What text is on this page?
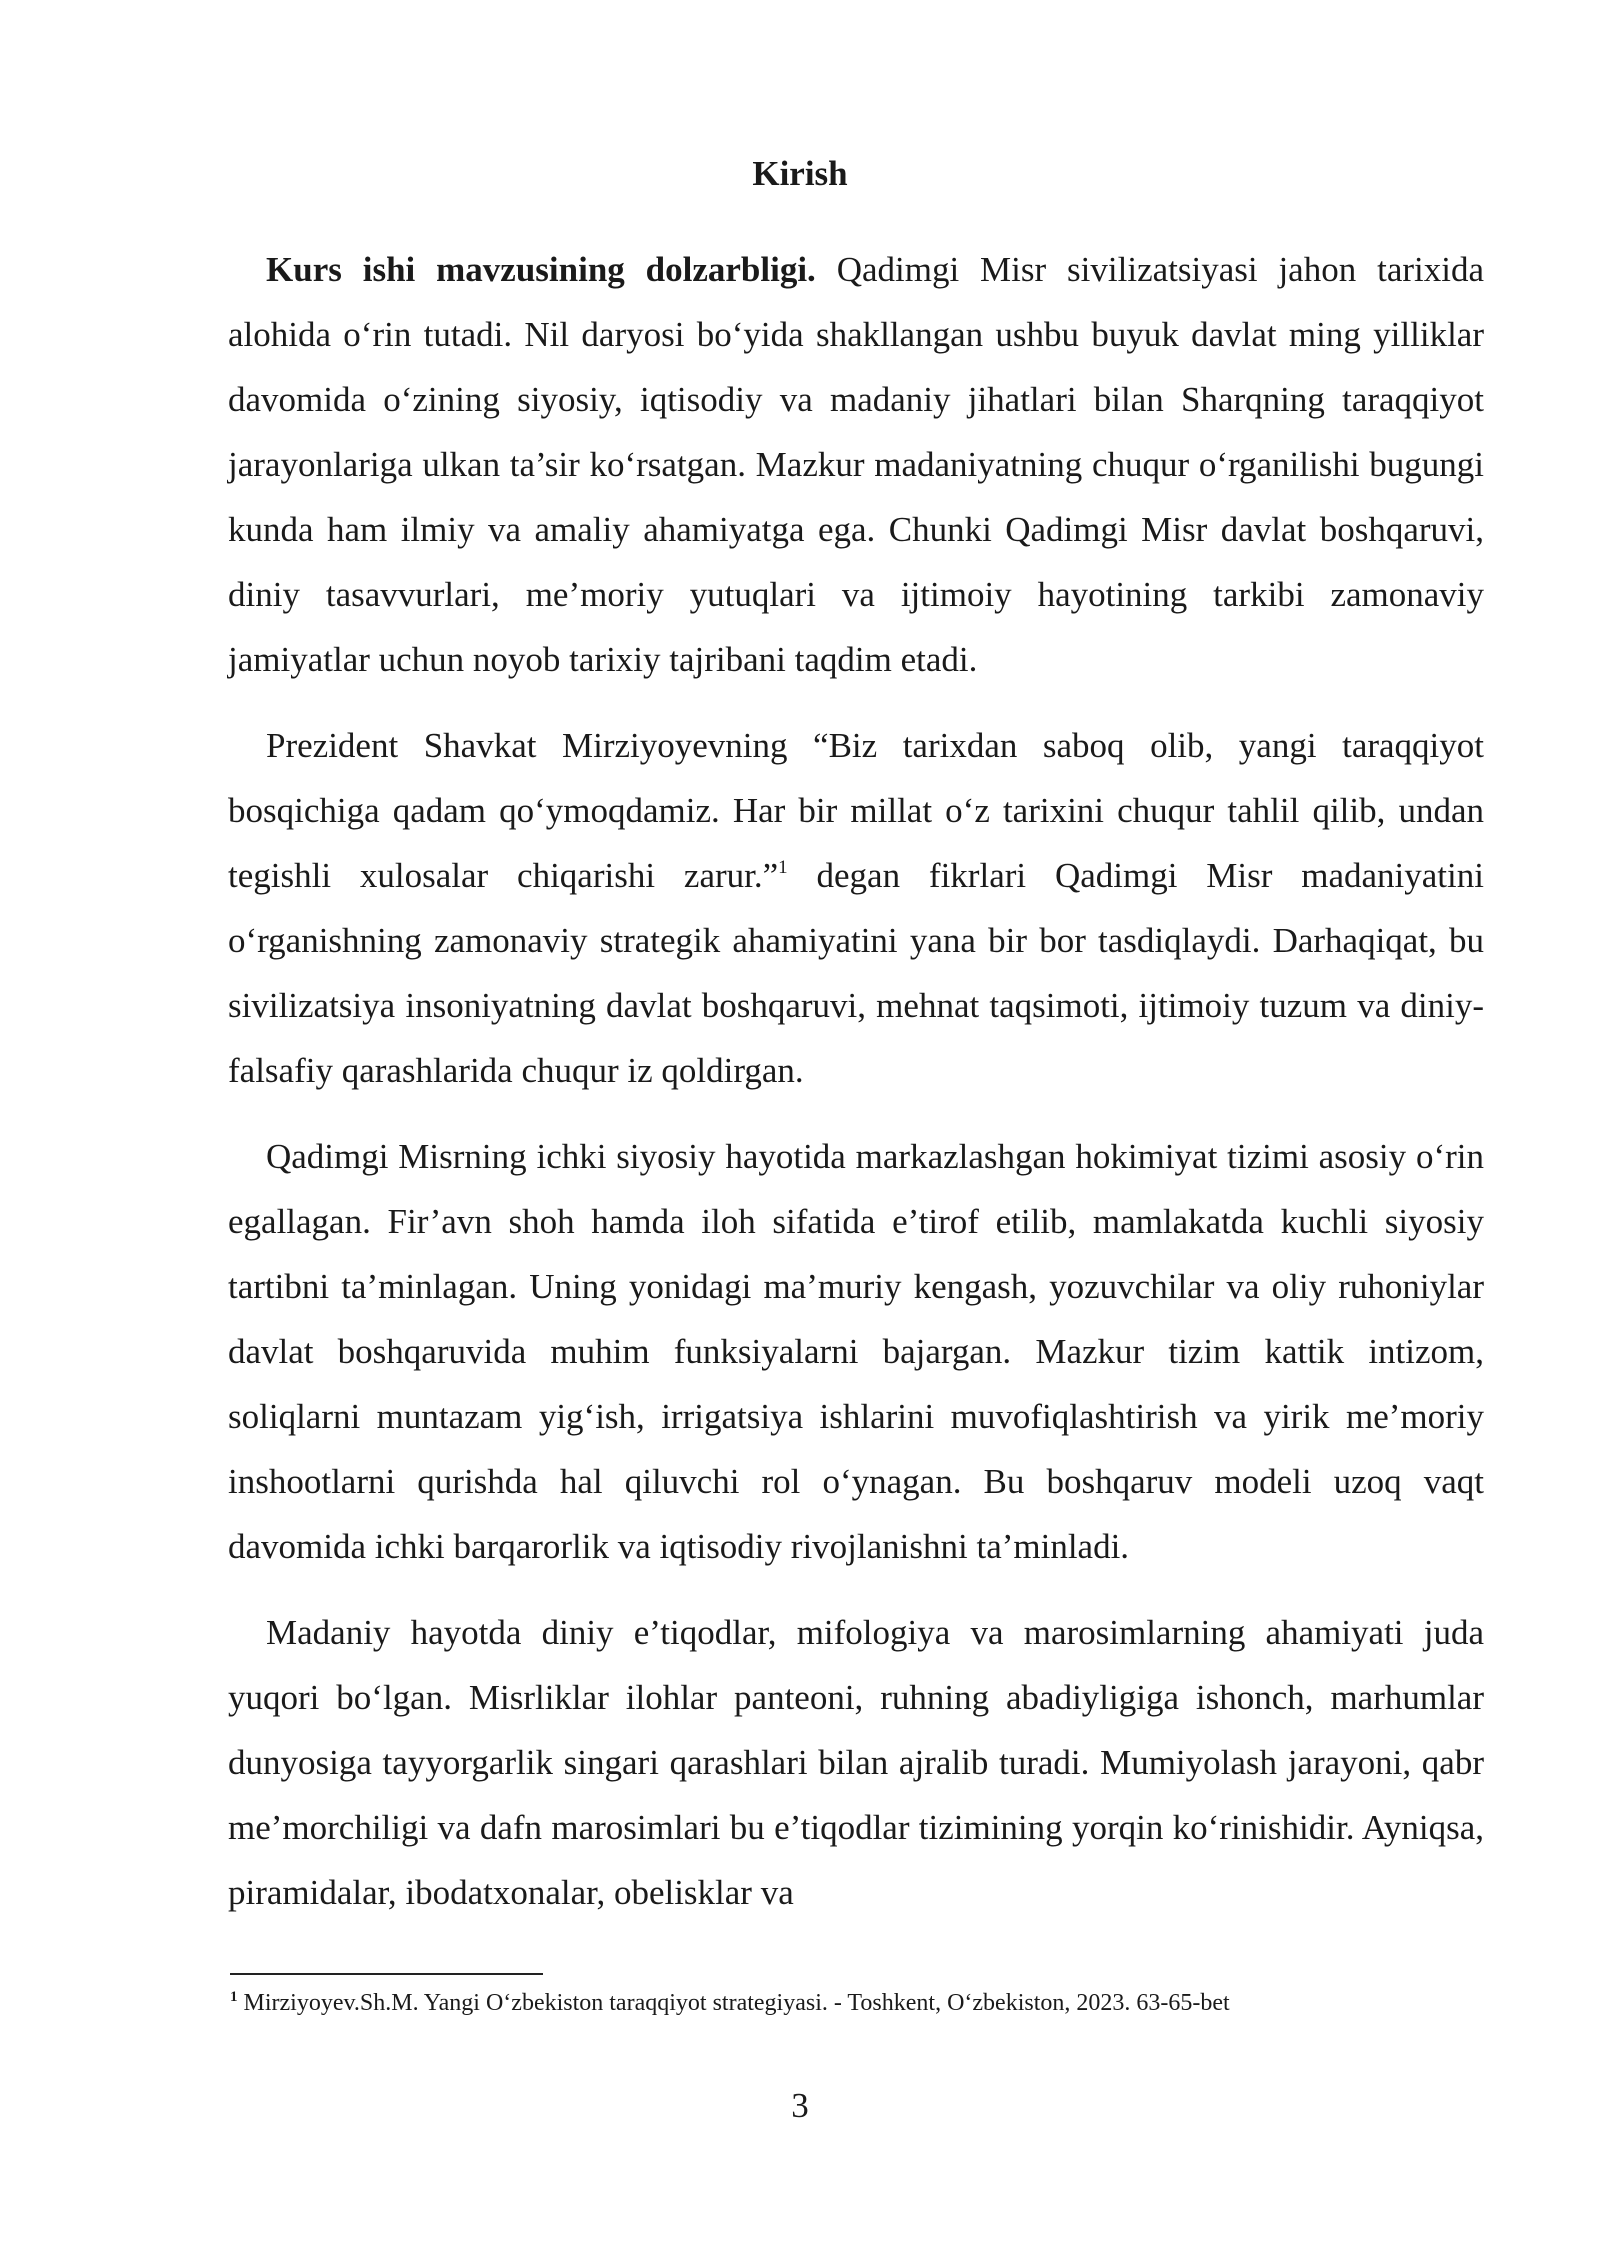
Kirish

Kurs ishi mavzusining dolzarbligi. Qadimgi Misr sivilizatsiyasi jahon tarixida alohida o‘rin tutadi. Nil daryosi bo‘yida shakllangan ushbu buyuk davlat ming yilliklar davomida o‘zining siyosiy, iqtisodiy va madaniy jihatlari bilan Sharqning taraqqiyot jarayonlariga ulkan ta’sir ko‘rsatgan. Mazkur madaniyatning chuqur o‘rganilishi bugungi kunda ham ilmiy va amaliy ahamiyatga ega. Chunki Qadimgi Misr davlat boshqaruvi, diniy tasavvurlari, me’moriy yutuqlari va ijtimoiy hayotining tarkibi zamonaviy jamiyatlar uchun noyob tarixiy tajribani taqdim etadi.

Prezident Shavkat Mirziyoyevning “Biz tarixdan saboq olib, yangi taraqqiyot bosqichiga qadam qo‘ymoqdamiz. Har bir millat o‘z tarixini chuqur tahlil qilib, undan tegishli xulosalar chiqarishi zarur.”$^1$ degan fikrlari Qadimgi Misr madaniyatini o‘rganishning zamonaviy strategik ahamiyatini yana bir bor tasdiqlaydi. Darhaqiqat, bu sivilizatsiya insoniyatning davlat boshqaruvi, mehnat taqsimoti, ijtimoiy tuzum va diniy-falsafiy qarashlarida chuqur iz qoldirgan.

Qadimgi Misrning ichki siyosiy hayotida markazlashgan hokimiyat tizimi asosiy o‘rin egallagan. Fir’avn shoh hamda iloh sifatida e’tirof etilib, mamlakatda kuchli siyosiy tartibni ta’minlagan. Uning yonidagi ma’muriy kengash, yozuvchilar va oliy ruhoniylar davlat boshqaruvida muhim funksiyalarni bajargan. Mazkur tizim kattik intizom, soliqlarni muntazam yig‘ish, irrigatsiya ishlarini muvofiqlashtirish va yirik me’moriy inshootlarni qurishda hal qiluvchi rol o‘ynagan. Bu boshqaruv modeli uzoq vaqt davomida ichki barqarorlik va iqtisodiy rivojlanishni ta’minladi.

Madaniy hayotda diniy e’tiqodlar, mifologiya va marosimlarning ahamiyati juda yuqori bo‘lgan. Misrliklar ilohlar panteoni, ruhning abadiyligiga ishonch, marhumlar dunyosiga tayyorgarlik singari qarashlari bilan ajralib turadi. Mumiyolash jarayoni, qabr me’morchiligi va dafn marosimlari bu e’tiqodlar tizimining yorqin ko‘rinishidir. Ayniqsa, piramidalar, ibodatxonalar, obelisklar va

$^1$ Mirziyoyev.Sh.M. Yangi O‘zbekiston taraqqiyot strategiyasi. - Toshkent, O‘zbekiston, 2023. 63-65-bet

3
